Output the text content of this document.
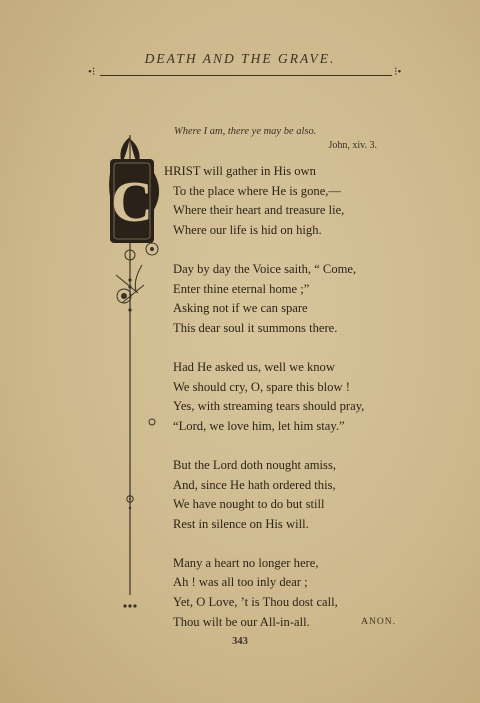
DEATH AND THE GRAVE.
•⁝	⁝•
Where I am, there ye may be also.
John, xiv. 3.
C HRIST will gather in His own
To the place where He is gone,—
Where their heart and treasure lie,
Where our life is hid on high.
Day by day the Voice saith, “ Come,
Enter thine eternal home ;”
Asking not if we can spare
This dear soul it summons there.
Had He asked us, well we know
We should cry, O, spare this blow !
Yes, with streaming tears should pray,
“Lord, we love him, let him stay.”
But the Lord doth nought amiss,
And, since He hath ordered this,
We have nought to do but still
Rest in silence on His will.
Many a heart no longer here,
Ah ! was all too inly dear ;
Yet, O Love, ’t is Thou dost call,
Thou wilt be our All-in-all.	ANON.
343
